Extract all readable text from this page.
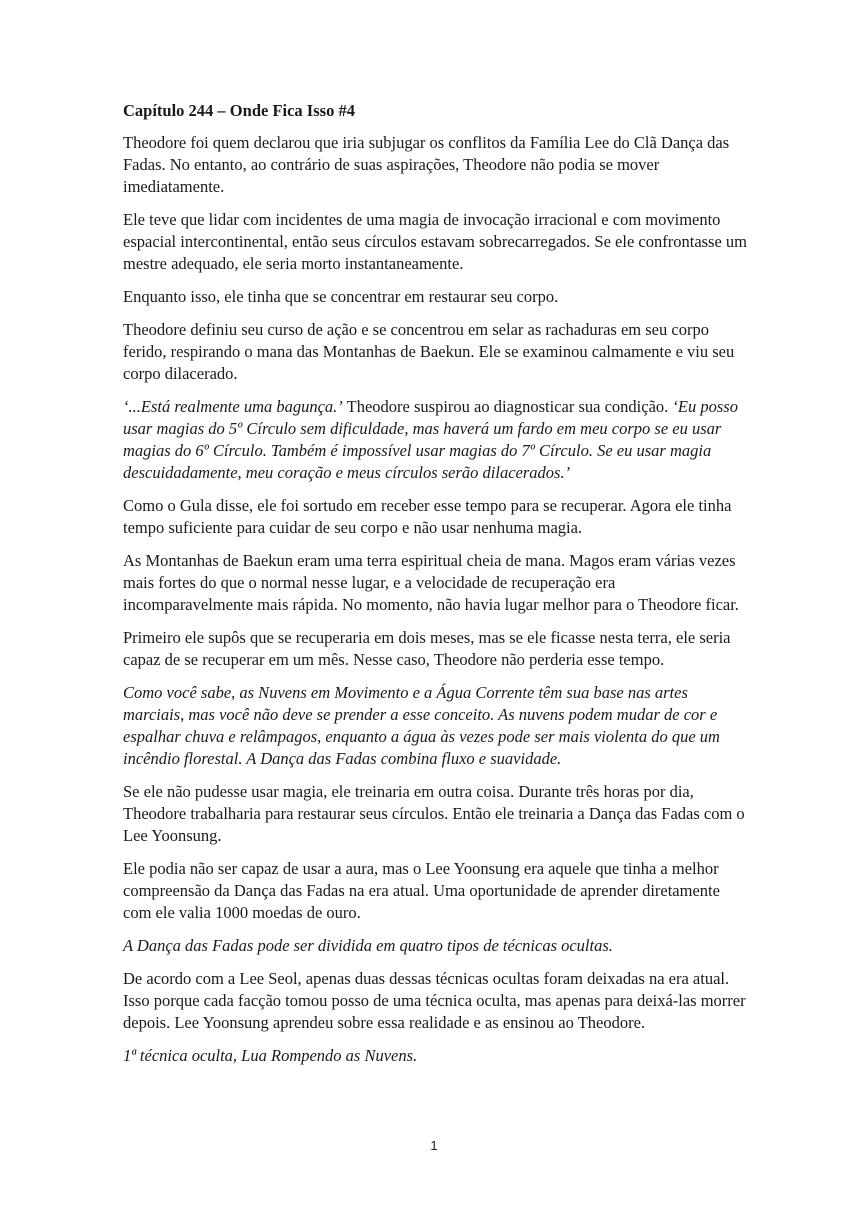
Capítulo 244 – Onde Fica Isso #4

Theodore foi quem declarou que iria subjugar os conflitos da Família Lee do Clã Dança das Fadas. No entanto, ao contrário de suas aspirações, Theodore não podia se mover imediatamente.

Ele teve que lidar com incidentes de uma magia de invocação irracional e com movimento espacial intercontinental, então seus círculos estavam sobrecarregados. Se ele confrontasse um mestre adequado, ele seria morto instantaneamente.

Enquanto isso, ele tinha que se concentrar em restaurar seu corpo.

Theodore definiu seu curso de ação e se concentrou em selar as rachaduras em seu corpo ferido, respirando o mana das Montanhas de Baekun. Ele se examinou calmamente e viu seu corpo dilacerado.

‘...Está realmente uma bagunça.’ Theodore suspirou ao diagnosticar sua condição. ‘Eu posso usar magias do 5º Círculo sem dificuldade, mas haverá um fardo em meu corpo se eu usar magias do 6º Círculo. Também é impossível usar magias do 7º Círculo. Se eu usar magia descuidadamente, meu coração e meus círculos serão dilacerados.’

Como o Gula disse, ele foi sortudo em receber esse tempo para se recuperar. Agora ele tinha tempo suficiente para cuidar de seu corpo e não usar nenhuma magia.

As Montanhas de Baekun eram uma terra espiritual cheia de mana. Magos eram várias vezes mais fortes do que o normal nesse lugar, e a velocidade de recuperação era incomparavelmente mais rápida. No momento, não havia lugar melhor para o Theodore ficar.

Primeiro ele supôs que se recuperaria em dois meses, mas se ele ficasse nesta terra, ele seria capaz de se recuperar em um mês. Nesse caso, Theodore não perderia esse tempo.

Como você sabe, as Nuvens em Movimento e a Água Corrente têm sua base nas artes marciais, mas você não deve se prender a esse conceito. As nuvens podem mudar de cor e espalhar chuva e relâmpagos, enquanto a água às vezes pode ser mais violenta do que um incêndio florestal. A Dança das Fadas combina fluxo e suavidade.

Se ele não pudesse usar magia, ele treinaria em outra coisa. Durante três horas por dia, Theodore trabalharia para restaurar seus círculos. Então ele treinaria a Dança das Fadas com o Lee Yoonsung.

Ele podia não ser capaz de usar a aura, mas o Lee Yoonsung era aquele que tinha a melhor compreensão da Dança das Fadas na era atual. Uma oportunidade de aprender diretamente com ele valia 1000 moedas de ouro.

A Dança das Fadas pode ser dividida em quatro tipos de técnicas ocultas.

De acordo com a Lee Seol, apenas duas dessas técnicas ocultas foram deixadas na era atual. Isso porque cada facção tomou posso de uma técnica oculta, mas apenas para deixá-las morrer depois. Lee Yoonsung aprendeu sobre essa realidade e as ensinou ao Theodore.

1ª técnica oculta, Lua Rompendo as Nuvens.

1
